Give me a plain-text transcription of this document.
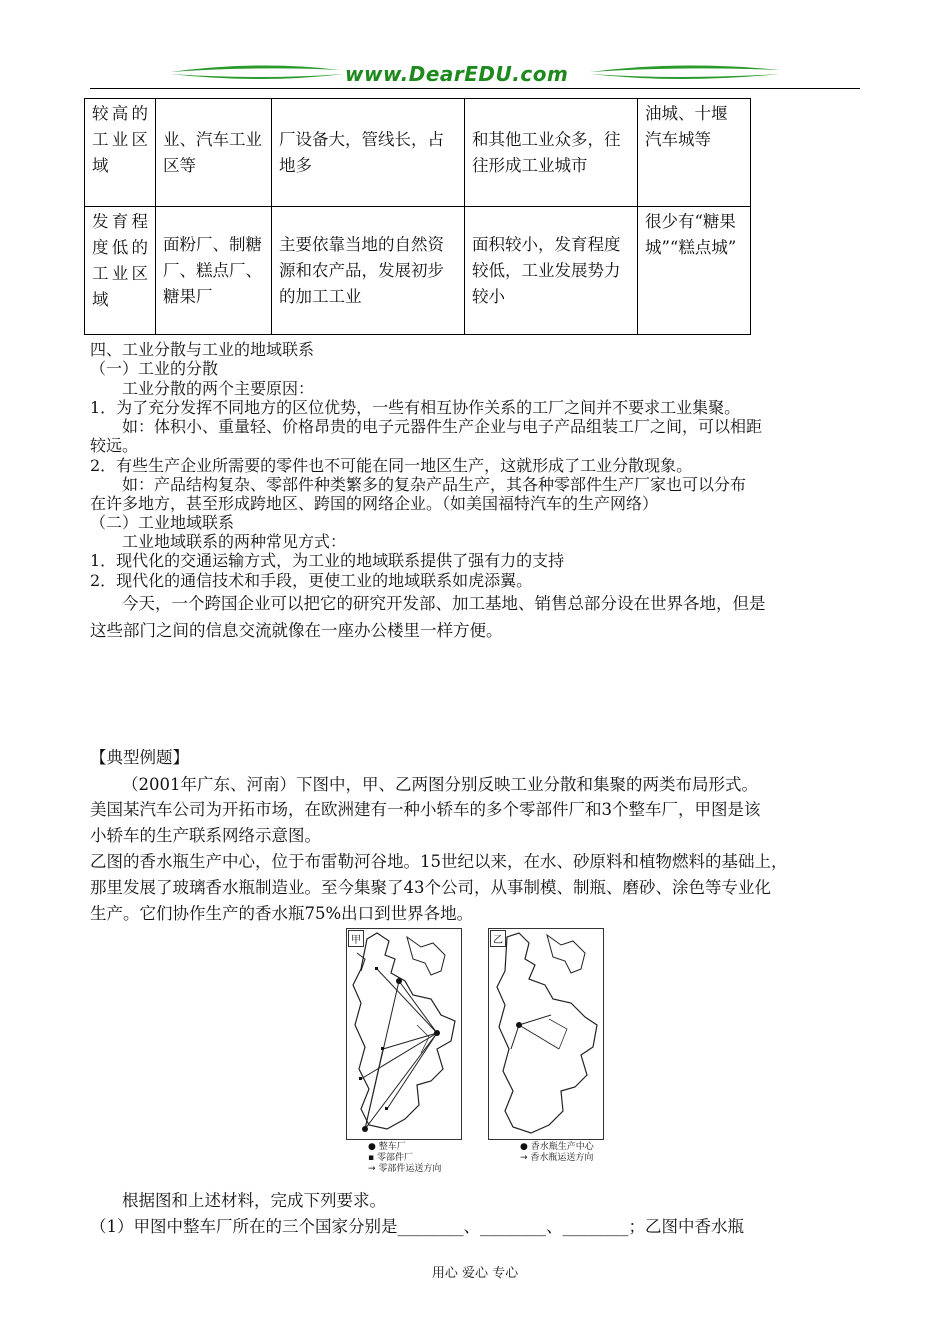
www.DearEDU.com
较高的工业区域	业、汽车工业区等	厂设备大，管线长，占地多	和其他工业众多，往往形成工业城市	油城、十堰汽车城等
发育程度低的工业区域	面粉厂、制糖厂、糕点厂、糖果厂	主要依靠当地的自然资源和农产品，发展初步的加工工业	面积较小，发育程度较低，工业发展势力较小	很少有“糖果城”“糕点城”
四、工业分散与工业的地域联系
（一）工业的分散
工业分散的两个主要原因：
1．为了充分发挥不同地方的区位优势，一些有相互协作关系的工厂之间并不要求工业集聚。
如：体积小、重量轻、价格昂贵的电子元器件生产企业与电子产品组装工厂之间，可以相距
较远。
2．有些生产企业所需要的零件也不可能在同一地区生产，这就形成了工业分散现象。
如：产品结构复杂、零部件种类繁多的复杂产品生产，其各种零部件生产厂家也可以分布
在许多地方，甚至形成跨地区、跨国的网络企业。（如美国福特汽车的生产网络）
（二）工业地域联系
工业地域联系的两种常见方式：
1．现代化的交通运输方式，为工业的地域联系提供了强有力的支持
2．现代化的通信技术和手段，更使工业的地域联系如虎添翼。
今天，一个跨国企业可以把它的研究开发部、加工基地、销售总部分设在世界各地，但是
这些部门之间的信息交流就像在一座办公楼里一样方便。
【典型例题】
（2001年广东、河南）下图中，甲、乙两图分别反映工业分散和集聚的两类布局形式。
美国某汽车公司为开拓市场，在欧洲建有一种小轿车的多个零部件厂和3个整车厂，甲图是该
小轿车的生产联系网络示意图。
乙图的香水瓶生产中心，位于布雷勒河谷地。15世纪以来，在水、砂原料和植物燃料的基础上，
那里发展了玻璃香水瓶制造业。至今集聚了43个公司，从事制模、制瓶、磨砂、涂色等专业化
生产。它们协作生产的香水瓶75%出口到世界各地。
甲
● 整车厂
▪ 零部件厂
→ 零部件运送方向
乙
● 香水瓶生产中心
→ 香水瓶运送方向
根据图和上述材料，完成下列要求。
（1）甲图中整车厂所在的三个国家分别是________、________、________；乙图中香水瓶
用心 爱心 专心
